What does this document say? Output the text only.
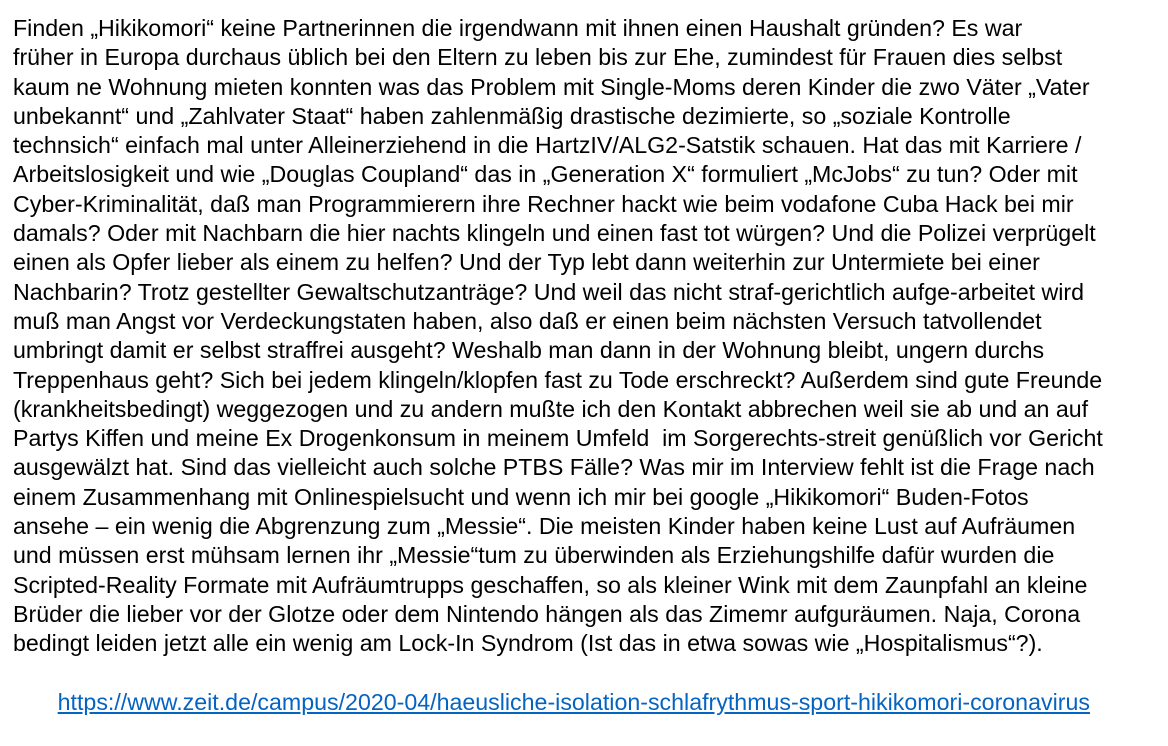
Finden „Hikikomori“ keine Partnerinnen die irgendwann mit ihnen einen Haushalt gründen? Es war
früher in Europa durchaus üblich bei den Eltern zu leben bis zur Ehe, zumindest für Frauen dies selbst
kaum ne Wohnung mieten konnten was das Problem mit Single-Moms deren Kinder die zwo Väter „Vater
unbekannt“ und „Zahlvater Staat“ haben zahlenmäßig drastische dezimierte, so „soziale Kontrolle
technsich“ einfach mal unter Alleinerziehend in die HartzIV/ALG2-Satstik schauen. Hat das mit Karriere /
Arbeitslosigkeit und wie „Douglas Coupland“ das in „Generation X“ formuliert „McJobs“ zu tun? Oder mit
Cyber-Kriminalität, daß man Programmierern ihre Rechner hackt wie beim vodafone Cuba Hack bei mir
damals? Oder mit Nachbarn die hier nachts klingeln und einen fast tot würgen? Und die Polizei verprügelt
einen als Opfer lieber als einem zu helfen? Und der Typ lebt dann weiterhin zur Untermiete bei einer
Nachbarin? Trotz gestellter Gewaltschutzanträge? Und weil das nicht straf-gerichtlich aufge-arbeitet wird
muß man Angst vor Verdeckungstaten haben, also daß er einen beim nächsten Versuch tatvollendet
umbringt damit er selbst straffrei ausgeht? Weshalb man dann in der Wohnung bleibt, ungern durchs
Treppenhaus geht? Sich bei jedem klingeln/klopfen fast zu Tode erschreckt? Außerdem sind gute Freunde
(krankheitsbedingt) weggezogen und zu andern mußte ich den Kontakt abbrechen weil sie ab und an auf
Partys Kiffen und meine Ex Drogenkonsum in meinem Umfeld  im Sorgerechts-streit genüßlich vor Gericht
ausgewälzt hat. Sind das vielleicht auch solche PTBS Fälle? Was mir im Interview fehlt ist die Frage nach
einem Zusammenhang mit Onlinespielsucht und wenn ich mir bei google „Hikikomori“ Buden-Fotos
ansehe – ein wenig die Abgrenzung zum „Messie“. Die meisten Kinder haben keine Lust auf Aufräumen
und müssen erst mühsam lernen ihr „Messie“tum zu überwinden als Erziehungshilfe dafür wurden die
Scripted-Reality Formate mit Aufräumtrupps geschaffen, so als kleiner Wink mit dem Zaunpfahl an kleine
Brüder die lieber vor der Glotze oder dem Nintendo hängen als das Zimemr aufguräumen. Naja, Corona
bedingt leiden jetzt alle ein wenig am Lock-In Syndrom (Ist das in etwa sowas wie „Hospitalismus“?).

https://www.zeit.de/campus/2020-04/haeusliche-isolation-schlafrythmus-sport-hikikomori-coronavirus
